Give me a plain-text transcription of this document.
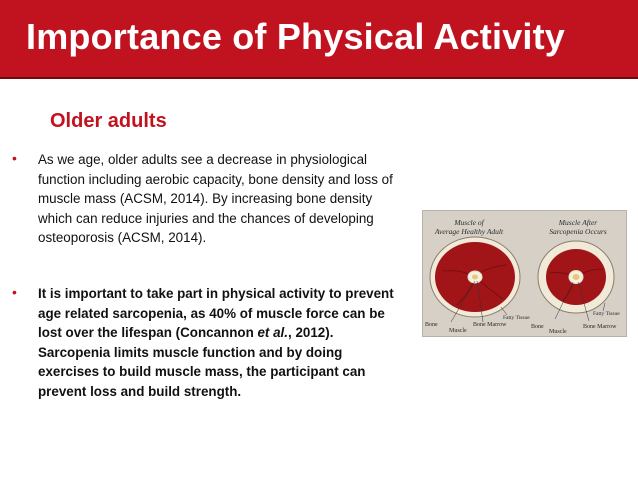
Importance of Physical Activity
Older adults
• As we age, older adults see a decrease in physiological function including aerobic capacity, bone density and loss of muscle mass (ACSM, 2014). By increasing bone density which can reduce injuries and the chances of developing osteoporosis (ACSM, 2014).
• It is important to take part in physical activity to prevent age related sarcopenia, as 40% of muscle force can be lost over the lifespan (Concannon et al., 2012). Sarcopenia limits muscle function and by doing exercises to build muscle mass, the participant can prevent loss and build strength.
Muscle of
Average Healthy Adult
Muscle After
Sarcopenia Occurs
Bone
Muscle
Bone Marrow
Fatty Tissue
Bone
Muscle
Bone Marrow
Fatty Tissue
